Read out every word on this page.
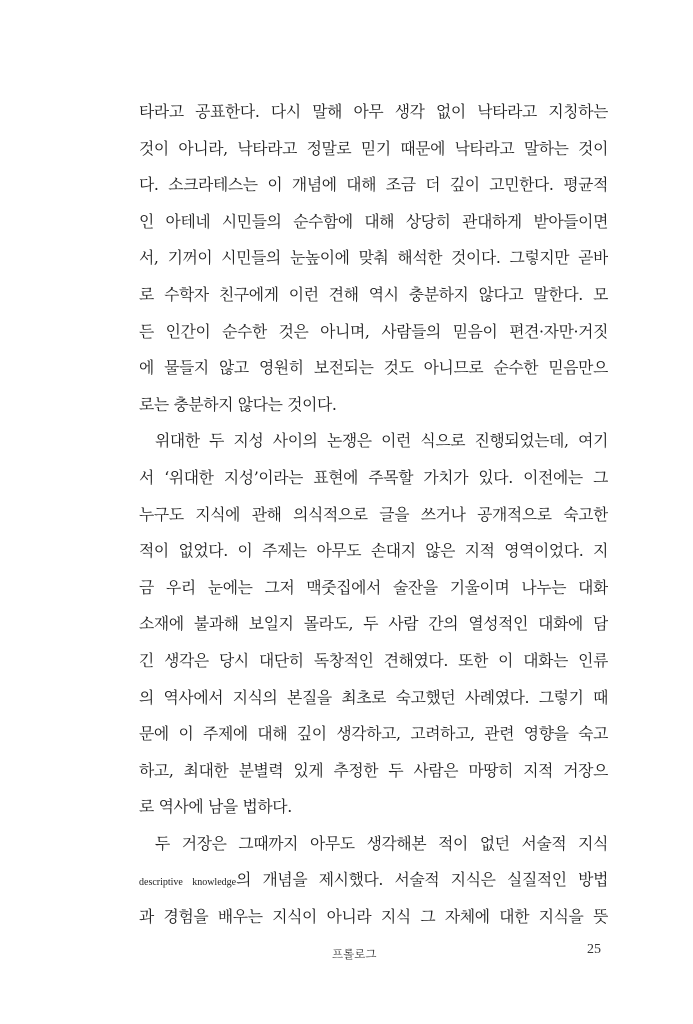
타라고 공표한다. 다시 말해 아무 생각 없이 낙타라고 지칭하는
것이 아니라, 낙타라고 정말로 믿기 때문에 낙타라고 말하는 것이
다. 소크라테스는 이 개념에 대해 조금 더 깊이 고민한다. 평균적
인 아테네 시민들의 순수함에 대해 상당히 관대하게 받아들이면
서, 기꺼이 시민들의 눈높이에 맞춰 해석한 것이다. 그렇지만 곧바
로 수학자 친구에게 이런 견해 역시 충분하지 않다고 말한다. 모
든 인간이 순수한 것은 아니며, 사람들의 믿음이 편견·자만·거짓
에 물들지 않고 영원히 보전되는 것도 아니므로 순수한 믿음만으
로는 충분하지 않다는 것이다.
위대한 두 지성 사이의 논쟁은 이런 식으로 진행되었는데, 여기
서 ‘위대한 지성’이라는 표현에 주목할 가치가 있다. 이전에는 그
누구도 지식에 관해 의식적으로 글을 쓰거나 공개적으로 숙고한
적이 없었다. 이 주제는 아무도 손대지 않은 지적 영역이었다. 지
금 우리 눈에는 그저 맥줏집에서 술잔을 기울이며 나누는 대화
소재에 불과해 보일지 몰라도, 두 사람 간의 열성적인 대화에 담
긴 생각은 당시 대단히 독창적인 견해였다. 또한 이 대화는 인류
의 역사에서 지식의 본질을 최초로 숙고했던 사례였다. 그렇기 때
문에 이 주제에 대해 깊이 생각하고, 고려하고, 관련 영향을 숙고
하고, 최대한 분별력 있게 추정한 두 사람은 마땅히 지적 거장으
로 역사에 남을 법하다.
두 거장은 그때까지 아무도 생각해본 적이 없던 서술적 지식
descriptive knowledge의 개념을 제시했다. 서술적 지식은 실질적인 방법
과 경험을 배우는 지식이 아니라 지식 그 자체에 대한 지식을 뜻
프롤로그	25
